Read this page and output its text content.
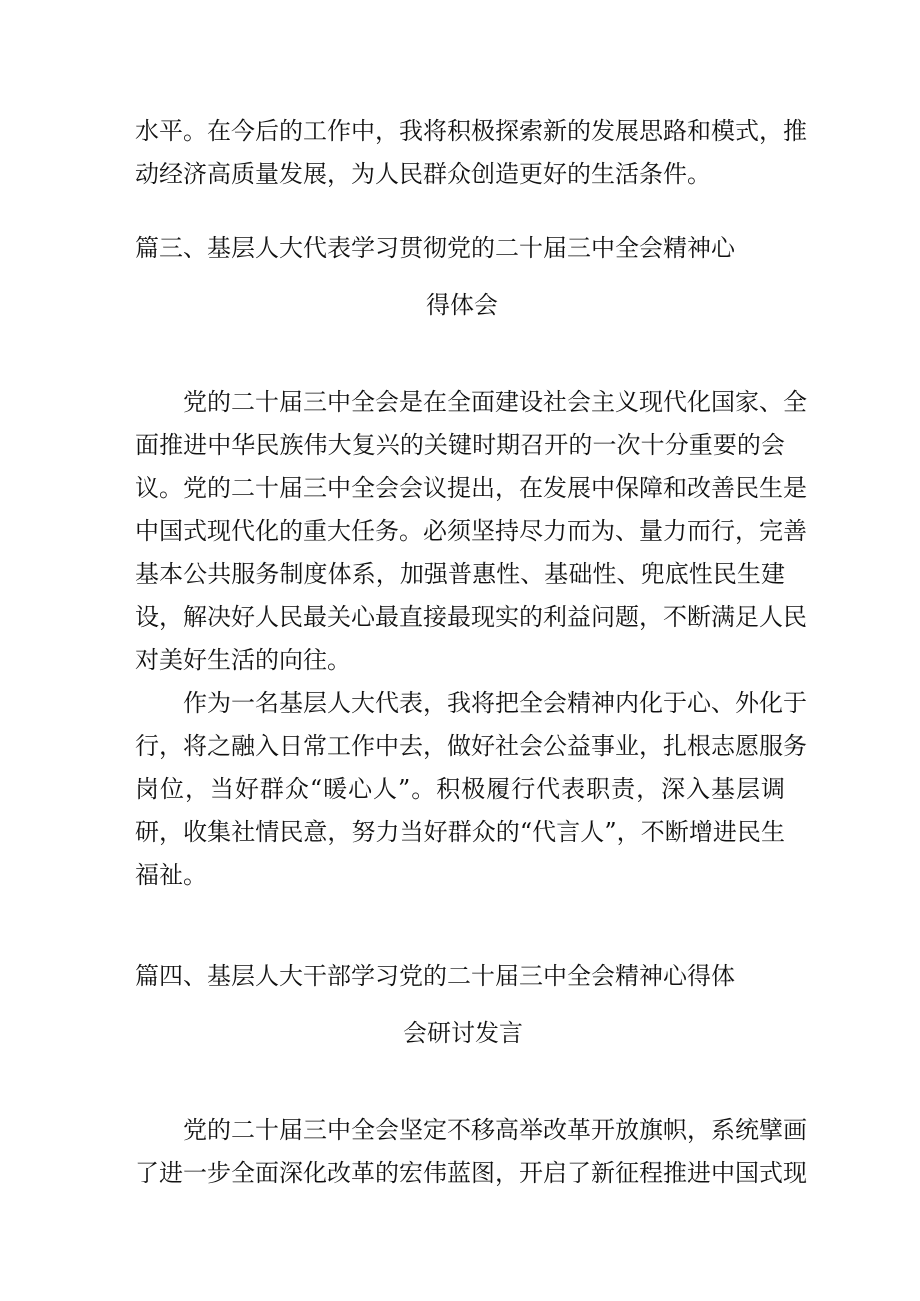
水平。在今后的工作中，我将积极探索新的发展思路和模式，推
动经济高质量发展，为人民群众创造更好的生活条件。
篇三、基层人大代表学习贯彻党的二十届三中全会精神心
得体会
党的二十届三中全会是在全面建设社会主义现代化国家、全
面推进中华民族伟大复兴的关键时期召开的一次十分重要的会
议。党的二十届三中全会会议提出，在发展中保障和改善民生是
中国式现代化的重大任务。必须坚持尽力而为、量力而行，完善
基本公共服务制度体系，加强普惠性、基础性、兜底性民生建
设，解决好人民最关心最直接最现实的利益问题，不断满足人民
对美好生活的向往。
作为一名基层人大代表，我将把全会精神内化于心、外化于
行，将之融入日常工作中去，做好社会公益事业，扎根志愿服务
岗位，当好群众“暖心人”。积极履行代表职责，深入基层调
研，收集社情民意，努力当好群众的“代言人”，不断增进民生
福祉。
篇四、基层人大干部学习党的二十届三中全会精神心得体
会研讨发言
党的二十届三中全会坚定不移高举改革开放旗帜，系统擘画
了进一步全面深化改革的宏伟蓝图，开启了新征程推进中国式现
